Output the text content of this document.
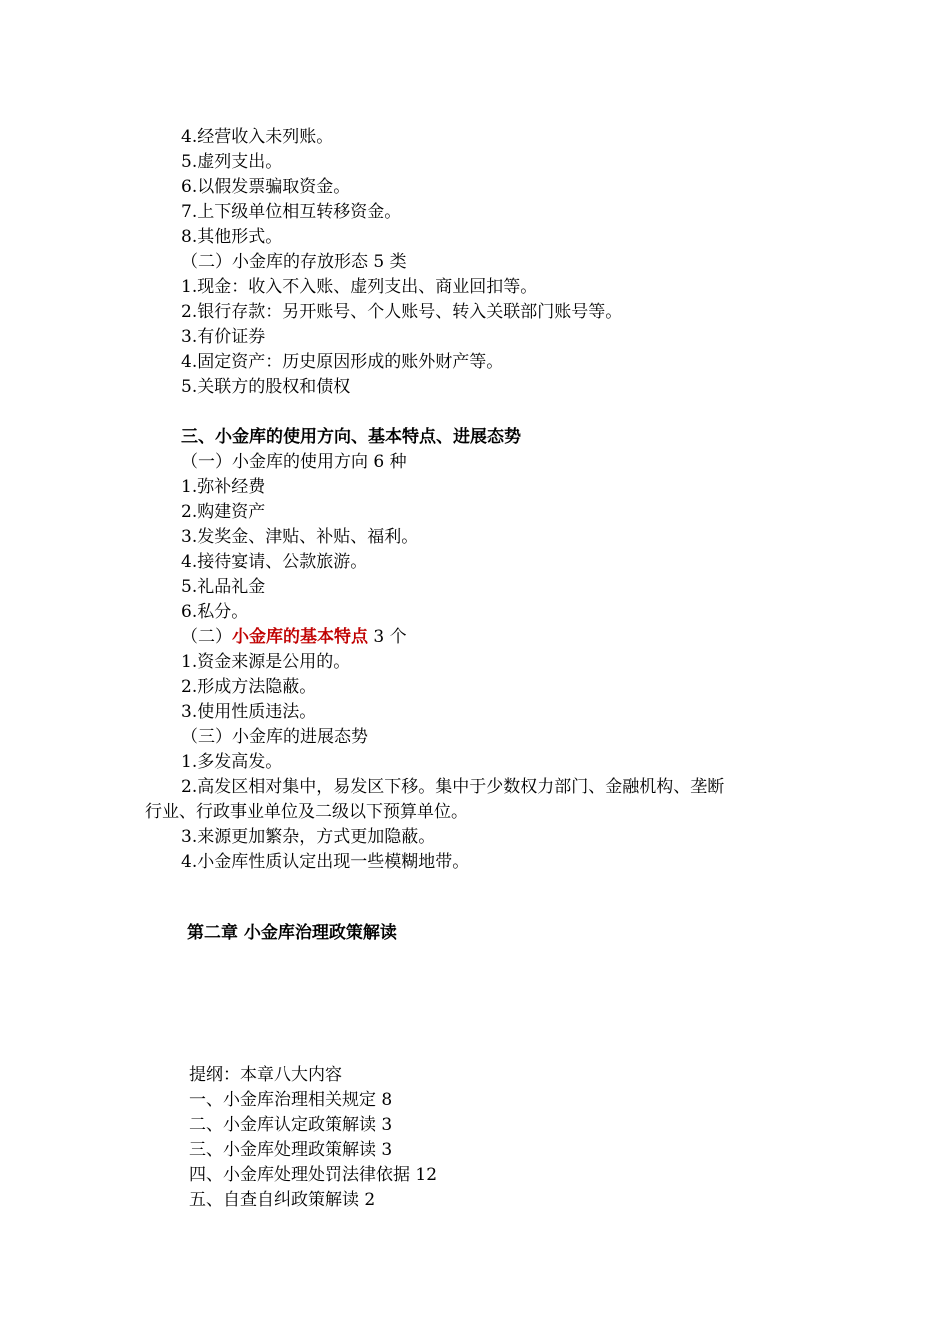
4.经营收入未列账。
5.虚列支出。
6.以假发票骗取资金。
7.上下级单位相互转移资金。
8.其他形式。
（二）小金库的存放形态 5 类
1.现金：收入不入账、虚列支出、商业回扣等。
2.银行存款：另开账号、个人账号、转入关联部门账号等。
3.有价证券
4.固定资产：历史原因形成的账外财产等。
5.关联方的股权和债权
三、小金库的使用方向、基本特点、进展态势
（一）小金库的使用方向 6 种
1.弥补经费
2.购建资产
3.发奖金、津贴、补贴、福利。
4.接待宴请、公款旅游。
5.礼品礼金
6.私分。
（二）小金库的基本特点 3 个
1.资金来源是公用的。
2.形成方法隐蔽。
3.使用性质违法。
（三）小金库的进展态势
1.多发高发。
2.高发区相对集中，易发区下移。集中于少数权力部门、金融机构、垄断
行业、行政事业单位及二级以下预算单位。
3.来源更加繁杂，方式更加隐蔽。
4.小金库性质认定出现一些模糊地带。
第二章 小金库治理政策解读
提纲：本章八大内容
一、小金库治理相关规定 8
二、小金库认定政策解读 3
三、小金库处理政策解读 3
四、小金库处理处罚法律依据 12
五、自查自纠政策解读 2
